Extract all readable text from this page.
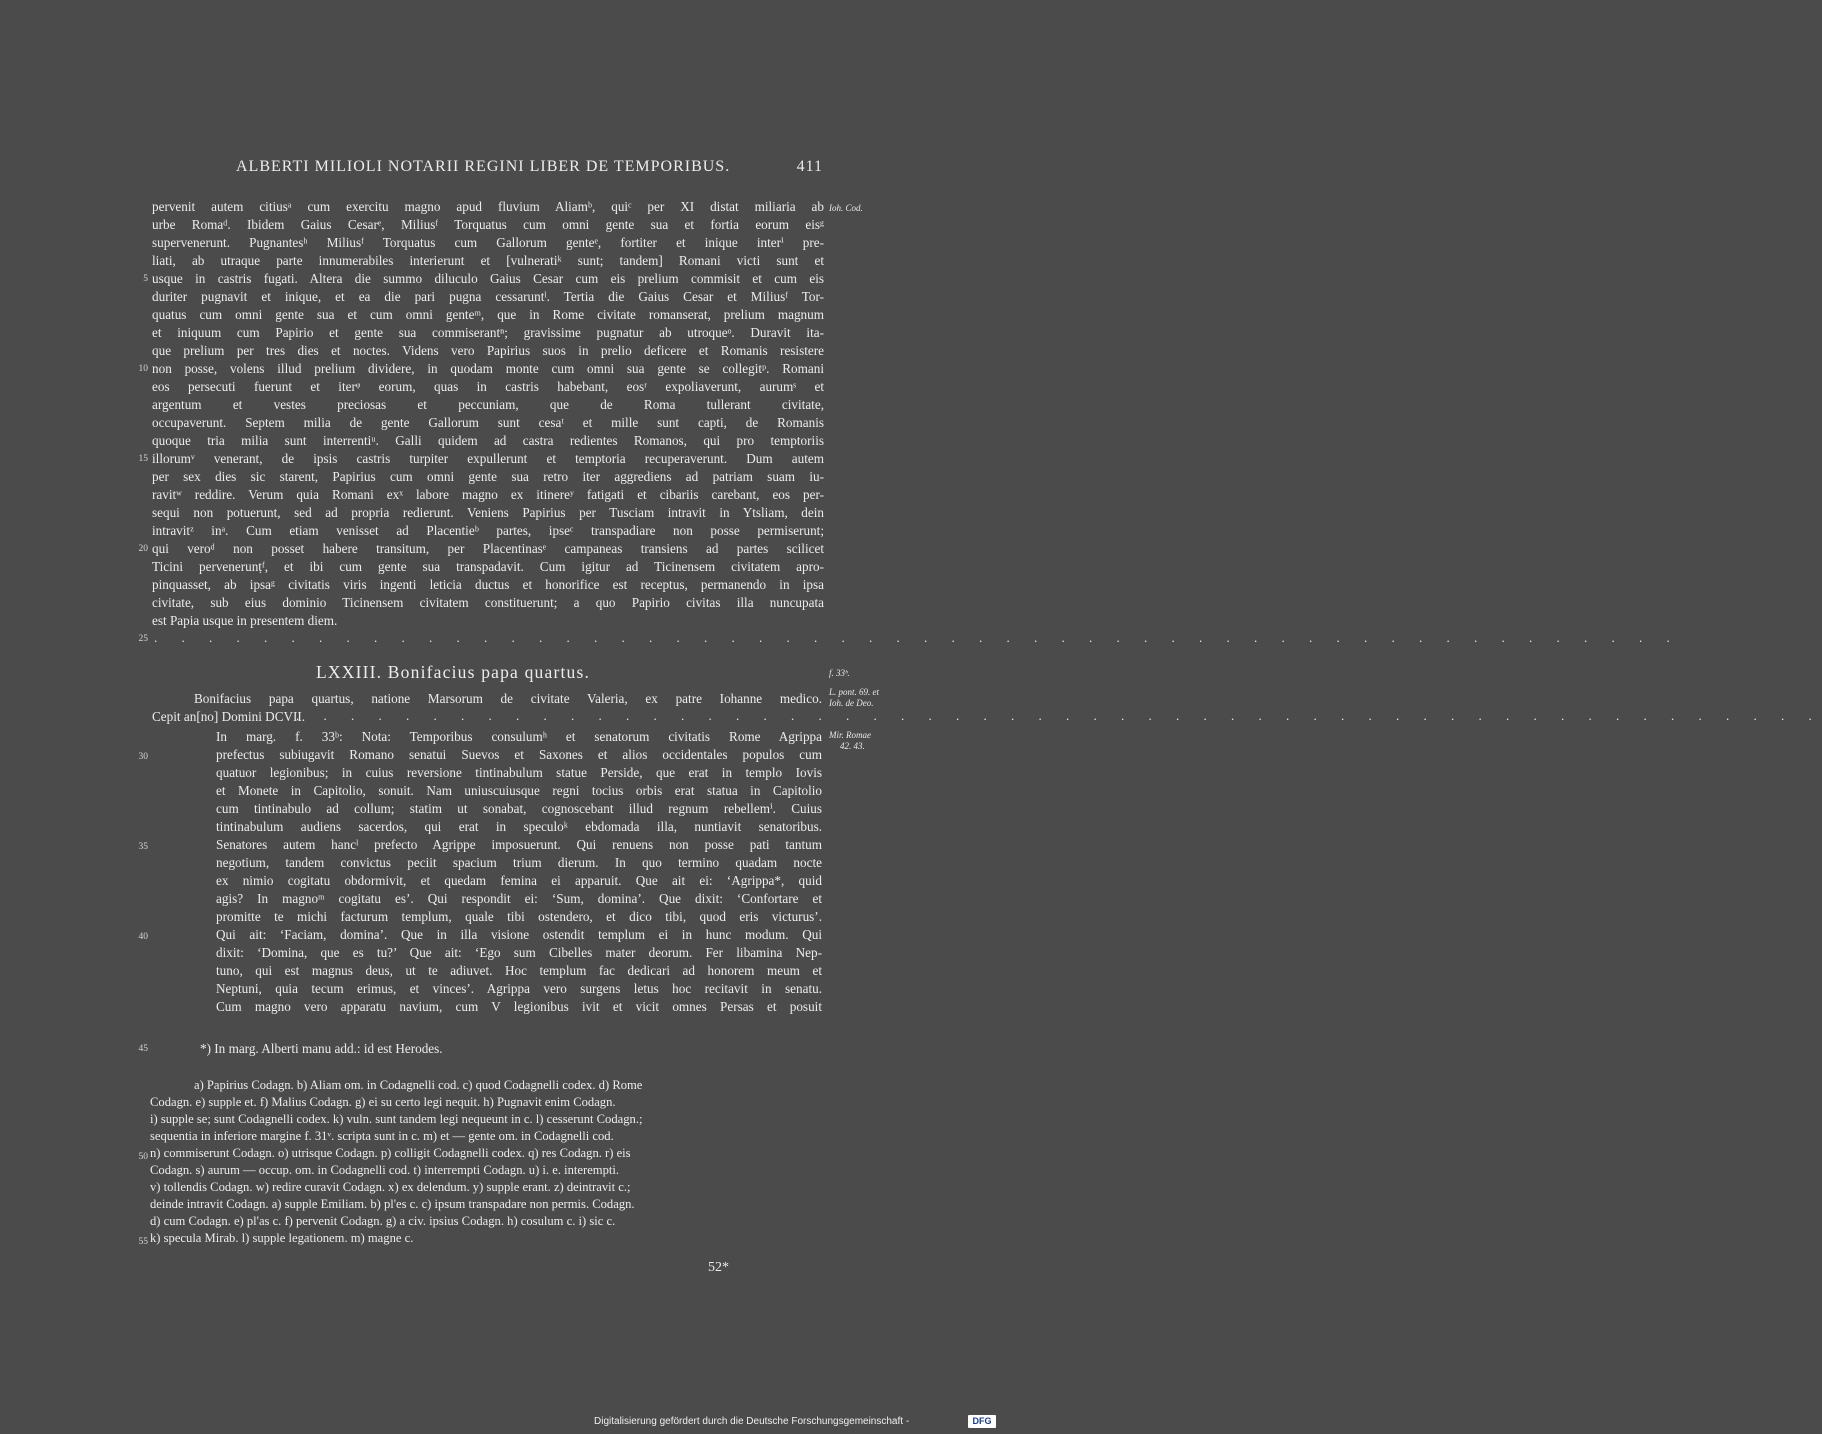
ALBERTI MILIOLI NOTARII REGINI LIBER DE TEMPORIBUS.	411
Ioh. Cod.
pervenit autem citiusᵃ cum exercitu magno apud fluvium Aliamᵇ, quiᶜ per XI distat miliaria ab
urbe Romaᵈ. Ibidem Gaius Cesarᵉ, Miliusᶠ Torquatus cum omni gente sua et fortia eorum eisᵍ
supervenerunt. Pugnantesʰ Miliusᶠ Torquatus cum Gallorum genteᵉ, fortiter et inique interⁱ pre-
liati, ab utraque parte innumerabiles interierunt et [vulneratiᵏ sunt; tandem] Romani victi sunt et
usque in castris fugati. Altera die summo diluculo Gaius Cesar cum eis prelium commisit et cum eis
duriter pugnavit et inique, et ea die pari pugna cessaruntˡ. Tertia die Gaius Cesar et Miliusᶠ Tor-
quatus cum omni gente sua et cum omni genteᵐ, que in Rome civitate romanserat, prelium magnum
et iniquum cum Papirio et gente sua commiserantⁿ; gravissime pugnatur ab utroqueᵒ. Duravit ita-
que prelium per tres dies et noctes. Videns vero Papirius suos in prelio deficere et Romanis resistere
non posse, volens illud prelium dividere, in quodam monte cum omni sua gente se collegitᵖ. Romani
eos persecuti fuerunt et iterᵠ eorum, quas in castris habebant, eosʳ expoliaverunt, aurumˢ et
argentum et vestes preciosas et peccuniam, que de Roma tullerant civitate,
occupaverunt. Septem milia de gente Gallorum sunt cesaᵗ et mille sunt capti, de Romanis
quoque tria milia sunt interrentiᵘ. Galli quidem ad castra redientes Romanos, qui pro temptoriis
illorumᵛ venerant, de ipsis castris turpiter expullerunt et temptoria recuperaverunt. Dum autem
per sex dies sic starent, Papirius cum omni gente sua retro iter aggrediens ad patriam suam iu-
ravitʷ reddire. Verum quia Romani exˣ labore magno ex itinereʸ fatigati et cibariis carebant, eos per-
sequi non potuerunt, sed ad propria redierunt. Veniens Papirius per Tusciam intravit in Ytsliam, dein
intravitᶻ inᵃ. Cum etiam venisset ad Placentieᵇ partes, ipseᶜ transpadiare non posse permiserunt;
qui verоᵈ non posset habere transitum, per Placentinasᵉ campaneas transiens ad partes scilicet
Ticini pervenerunṭᶠ, et ibi cum gente sua transpadavit. Cum igitur ad Ticinensem civitatem apro-
pinquasset, ab ipsaᵍ civitatis viris ingenti leticia ductus et honorifice est receptus, permanendo in ipsa
civitate, sub eius dominio Ticinensem civitatem constituerunt; a quo Papirio civitas illa nuncupata
est Papia usque in presentem diem.
5
10
15
20
25 . . . . . . . . . . . . . . . . . . . . . . . . . . . . . . . . . . . . . . . . . . . . . . . . . . . . . . . .
LXXIII. Bonifacius papa quartus.	f. 33ᵇ.
L. pont. 69. et
Ioh. de Deo.
Bonifacius papa quartus, natione Marsorum de civitate Valeria, ex patre Iohanne medico.
Cepit an[no] Domini DCVII.
. . . . . . . . . . . . . . . . . . . . . . . . . . . . . . . . . . . . . . . . . . . . . . . . . . . . . . . .
Mir. Romae
42. 43.
In marg. f. 33ᵇ: Nota: Temporibus consulumʰ et senatorum civitatis Rome Agrippa
prefectus subiugavit Romano senatui Suevos et Saxones et alios occidentales populos cum
quatuor legionibus; in cuius reversione tintinabulum statue Perside, que erat in templo Iovis
et Monete in Capitolio, sonuit. Nam uniuscuiusque regni tocius orbis erat statua in Capitolio
cum tintinabulo ad collum; statim ut sonabat, cognoscebant illud regnum rebellemⁱ. Cuius
tintinabulum audiens sacerdos, qui erat in speculoᵏ ebdomada illa, nuntiavit senatoribus.
Senatores autem hancˡ prefecto Agrippe imposuerunt. Qui renuens non posse pati tantum
negotium, tandem convictus peciit spacium trium dierum. In quo termino quadam nocte
ex nimio cogitatu obdormivit, et quedam femina ei apparuit. Que ait ei: ‘Agrippa*, quid
agis? In magnoᵐ cogitatu es’. Qui respondit ei: ‘Sum, domina’. Que dixit: ‘Confortare et
promitte te michi facturum templum, quale tibi ostendero, et dico tibi, quod eris victurus’.
Qui ait: ‘Faciam, domina’. Que in illa visione ostendit templum ei in hunc modum. Qui
dixit: ‘Domina, que es tu?’ Que ait: ‘Ego sum Cibelles mater deorum. Fer libamina Nep-
tuno, qui est magnus deus, ut te adiuvet. Hoc templum fac dedicari ad honorem meum et
Neptuni, quia tecum erimus, et vinces’. Agrippa vero surgens letus hoc recitavit in senatu.
Cum magno vero apparatu navium, cum V legionibus ivit et vicit omnes Persas et posuit
30
35
40
45	*) In marg. Alberti manu add.: id est Herodes.
a) Papirius Codagn. b) Aliam om. in Codagnelli cod. c) quod Codagnelli codex. d) Rome
Codagn. e) supple et. f) Malius Codagn. g) ei su certo legi nequit. h) Pugnavit enim Codagn.
i) supple se; sunt Codagnelli codex. k) vuln. sunt tandem legi nequeunt in c. l) cesserunt Codagn.;
sequentia in inferiore margine f. 31ᵛ. scripta sunt in c. m) et — gente om. in Codagnelli cod.
n) commiserunt Codagn. o) utrisque Codagn. p) colligit Codagnelli codex. q) res Codagn. r) eis
Codagn. s) aurum — occup. om. in Codagnelli cod. t) interrempti Codagn. u) i. e. interempti.
v) tollendis Codagn. w) redire curavit Codagn. x) ex delendum. y) supple erant. z) deintravit c.;
deinde intravit Codagn. a) supple Emiliam. b) pl'es c. c) ipsum transpadare non permis. Codagn.
d) cum Codagn. e) pl'as c. f) pervenit Codagn. g) a civ. ipsius Codagn. h) cosulum c. i) sic c.
k) specula Mirab. l) supple legationem. m) magne c.
50
55
52*
Digitalisierung gefördert durch die Deutsche Forschungsgemeinschaft -	DFG
